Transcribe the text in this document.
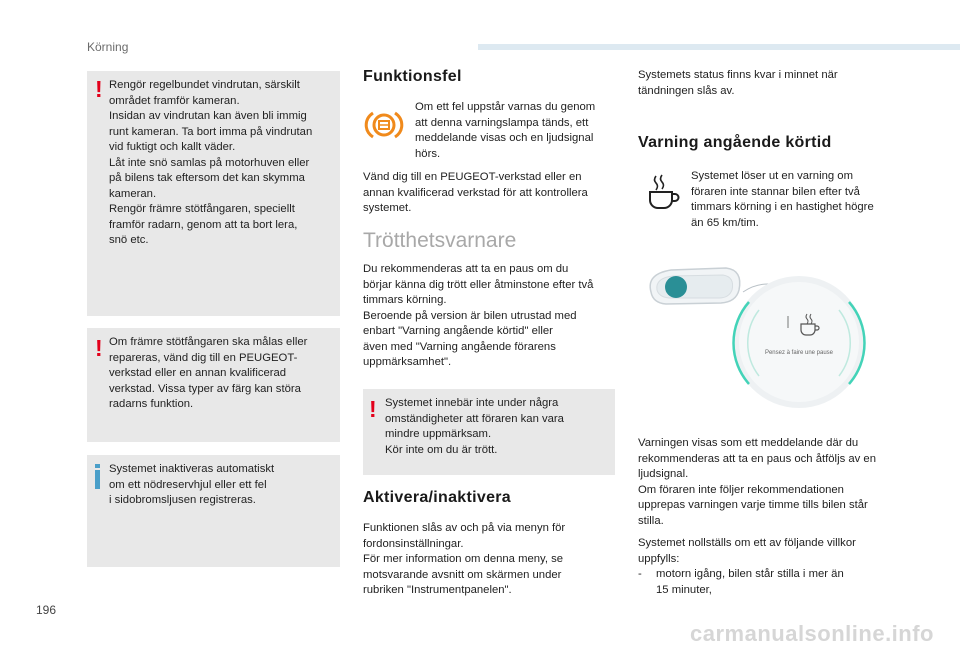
Körning
! Rengör regelbundet vindrutan, särskilt
området framför kameran.
Insidan av vindrutan kan även bli immig
runt kameran. Ta bort imma på vindrutan
vid fuktigt och kallt väder.
Låt inte snö samlas på motorhuven eller
på bilens tak eftersom det kan skymma
kameran.
Rengör främre stötfångaren, speciellt
framför radarn, genom att ta bort lera,
snö etc.
! Om främre stötfångaren ska målas eller
repareras, vänd dig till en PEUGEOT-
verkstad eller en annan kvalificerad
verkstad. Vissa typer av färg kan störa
radarns funktion.
Systemet inaktiveras automatiskt
om ett nödreservhjul eller ett fel
i sidobromsljusen registreras.
Funktionsfel
Om ett fel uppstår varnas du genom
att denna varningslampa tänds, ett
meddelande visas och en ljudsignal
hörs.
Vänd dig till en PEUGEOT-verkstad eller en
annan kvalificerad verkstad för att kontrollera
systemet.
Trötthetsvarnare
Du rekommenderas att ta en paus om du
börjar känna dig trött eller åtminstone efter två
timmars körning.
Beroende på version är bilen utrustad med
enbart "Varning angående körtid" eller
även med "Varning angående förarens
uppmärksamhet".
! Systemet innebär inte under några
omständigheter att föraren kan vara
mindre uppmärksam.
Kör inte om du är trött.
Aktivera/inaktivera
Funktionen slås av och på via menyn för
fordonsinställningar.
För mer information om denna meny, se
motsvarande avsnitt om skärmen under
rubriken "Instrumentpanelen".
Systemets status finns kvar i minnet när
tändningen slås av.
Varning angående körtid
Systemet löser ut en varning om
föraren inte stannar bilen efter två
timmars körning i en hastighet högre
än 65 km/tim.
Pensez à faire une pause
Varningen visas som ett meddelande där du
rekommenderas att ta en paus och åtföljs av en
ljudsignal.
Om föraren inte följer rekommendationen
upprepas varningen varje timme tills bilen står
stilla.
Systemet nollställs om ett av följande villkor
uppfylls:
-	motorn igång, bilen står stilla i mer än
15 minuter,
196
carmanualsonline.info
